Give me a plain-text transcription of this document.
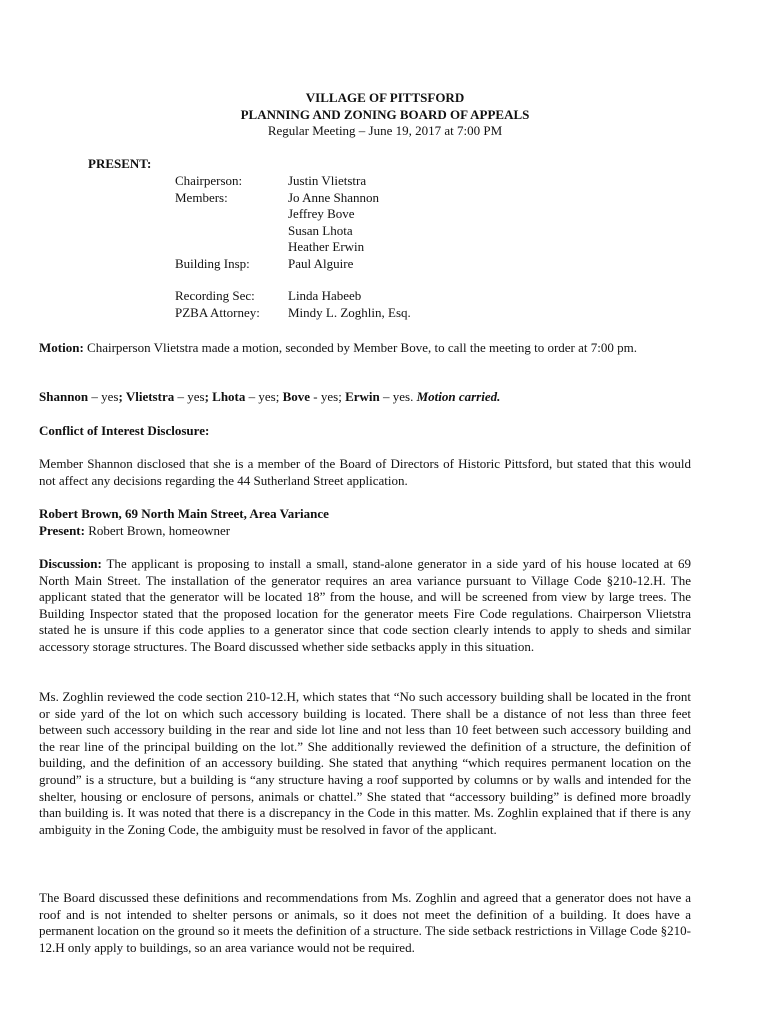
VILLAGE OF PITTSFORD
PLANNING AND ZONING BOARD OF APPEALS
Regular Meeting – June 19, 2017 at 7:00 PM
PRESENT:
Chairperson:	Justin Vlietstra
Members:	Jo Anne Shannon
Jeffrey Bove
Susan Lhota
Heather Erwin
Building Insp:	Paul Alguire
Recording Sec:	Linda Habeeb
PZBA Attorney:	Mindy L. Zoghlin, Esq.
Motion: Chairperson Vlietstra made a motion, seconded by Member Bove, to call the meeting to order at 7:00 pm.
Shannon – yes; Vlietstra – yes; Lhota – yes; Bove - yes; Erwin – yes. Motion carried.
Conflict of Interest Disclosure:
Member Shannon disclosed that she is a member of the Board of Directors of Historic Pittsford, but stated that this would not affect any decisions regarding the 44 Sutherland Street application.
Robert Brown, 69 North Main Street, Area Variance
Present: Robert Brown, homeowner
Discussion: The applicant is proposing to install a small, stand-alone generator in a side yard of his house located at 69 North Main Street. The installation of the generator requires an area variance pursuant to Village Code §210-12.H. The applicant stated that the generator will be located 18” from the house, and will be screened from view by large trees. The Building Inspector stated that the proposed location for the generator meets Fire Code regulations. Chairperson Vlietstra stated he is unsure if this code applies to a generator since that code section clearly intends to apply to sheds and similar accessory storage structures. The Board discussed whether side setbacks apply in this situation.
Ms. Zoghlin reviewed the code section 210-12.H, which states that “No such accessory building shall be located in the front or side yard of the lot on which such accessory building is located. There shall be a distance of not less than three feet between such accessory building in the rear and side lot line and not less than 10 feet between such accessory building and the rear line of the principal building on the lot.” She additionally reviewed the definition of a structure, the definition of building, and the definition of an accessory building. She stated that anything “which requires permanent location on the ground” is a structure, but a building is “any structure having a roof supported by columns or by walls and intended for the shelter, housing or enclosure of persons, animals or chattel.” She stated that “accessory building” is defined more broadly than building is. It was noted that there is a discrepancy in the Code in this matter. Ms. Zoghlin explained that if there is any ambiguity in the Zoning Code, the ambiguity must be resolved in favor of the applicant.
The Board discussed these definitions and recommendations from Ms. Zoghlin and agreed that a generator does not have a roof and is not intended to shelter persons or animals, so it does not meet the definition of a building. It does have a permanent location on the ground so it meets the definition of a structure. The side setback restrictions in Village Code §210-12.H only apply to buildings, so an area variance would not be required.
